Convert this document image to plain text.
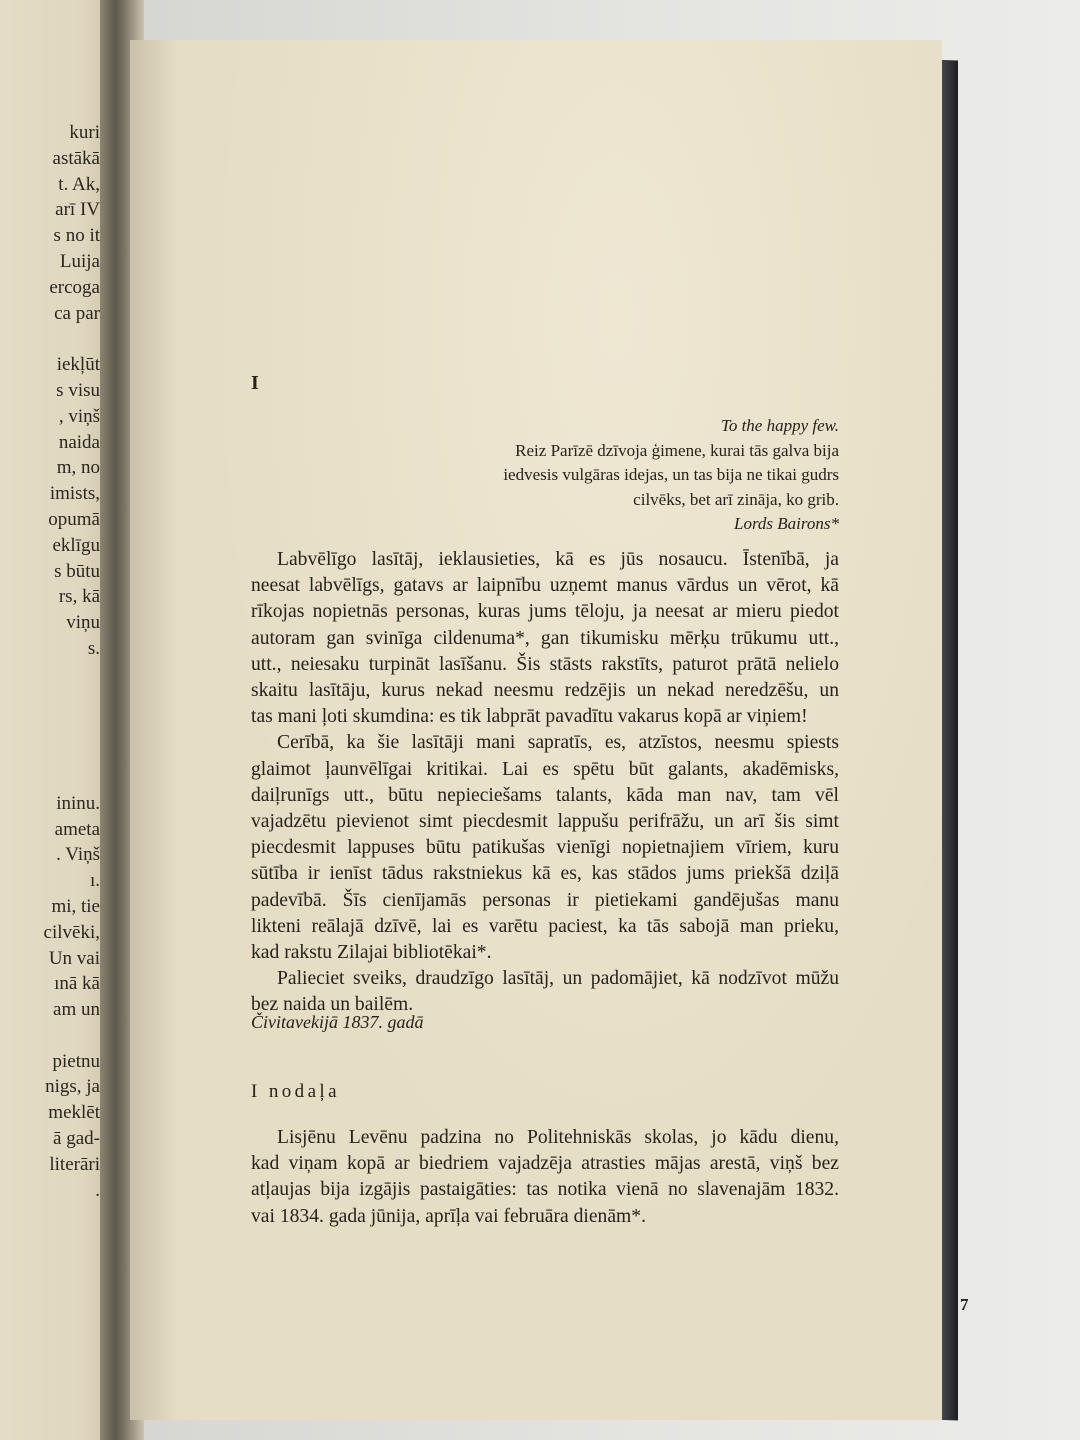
kuri
astākā
t. Ak,
arī IV
s no it
Luija
ercoga
ca par
iekļūt
s visu
, viņš
naida
m, no
imists,
opumā
eklīgu
s būtu
rs, kā
viņu
s.
ininu.
ameta
. Viņš
ı.
mi, tie
cilvēki,
Un vai
ınā kā
am un
pietnu
nigs, ja
meklēt
ā gad-
literāri
.
I
To the happy few.
Reiz Parīzē dzīvoja ģimene, kurai tās galva bija
iedvesis vulgāras idejas, un tas bija ne tikai gudrs
cilvēks, bet arī zināja, ko grib.
Lords Bairons*
Labvēlīgo lasītāj, ieklausieties, kā es jūs nosaucu. Īstenībā, ja
neesat labvēlīgs, gatavs ar laipnību uzņemt manus vārdus un vērot, kā
rīkojas nopietnās personas, kuras jums tēloju, ja neesat ar mieru piedot
autoram gan svinīga cildenuma*, gan tikumisku mērķu trūkumu utt.,
utt., neiesaku turpināt lasīšanu. Šis stāsts rakstīts, paturot prātā nelielo
skaitu lasītāju, kurus nekad neesmu redzējis un nekad neredzēšu, un
tas mani ļoti skumdina: es tik labprāt pavadītu vakarus kopā ar viņiem!
Cerībā, ka šie lasītāji mani sapratīs, es, atzīstos, neesmu spiests
glaimot ļaunvēlīgai kritikai. Lai es spētu būt galants, akadēmisks,
daiļrunīgs utt., būtu nepieciešams talants, kāda man nav, tam vēl
vajadzētu pievienot simt piecdesmit lappušu perifrāžu, un arī šis simt
piecdesmit lappuses būtu patikušas vienīgi nopietnajiem vīriem, kuru
sūtība ir ienīst tādus rakstniekus kā es, kas stādos jums priekšā dziļā
padevībā. Šīs cienījamās personas ir pietiekami gandējušas manu
likteni reālajā dzīvē, lai es varētu paciest, ka tās sabojā man prieku,
kad rakstu Zilajai bibliotēkai*.
Palieciet sveiks, draudzīgo lasītāj, un padomājiet, kā nodzīvot mūžu
bez naida un bailēm.
Čivitavekijā 1837. gadā
I nodaļa
Lisjēnu Levēnu padzina no Politehniskās skolas, jo kādu dienu,
kad viņam kopā ar biedriem vajadzēja atrasties mājas arestā, viņš bez
atļaujas bija izgājis pastaigāties: tas notika vienā no slavenajām 1832.
vai 1834. gada jūnija, aprīļa vai februāra dienām*.
7
